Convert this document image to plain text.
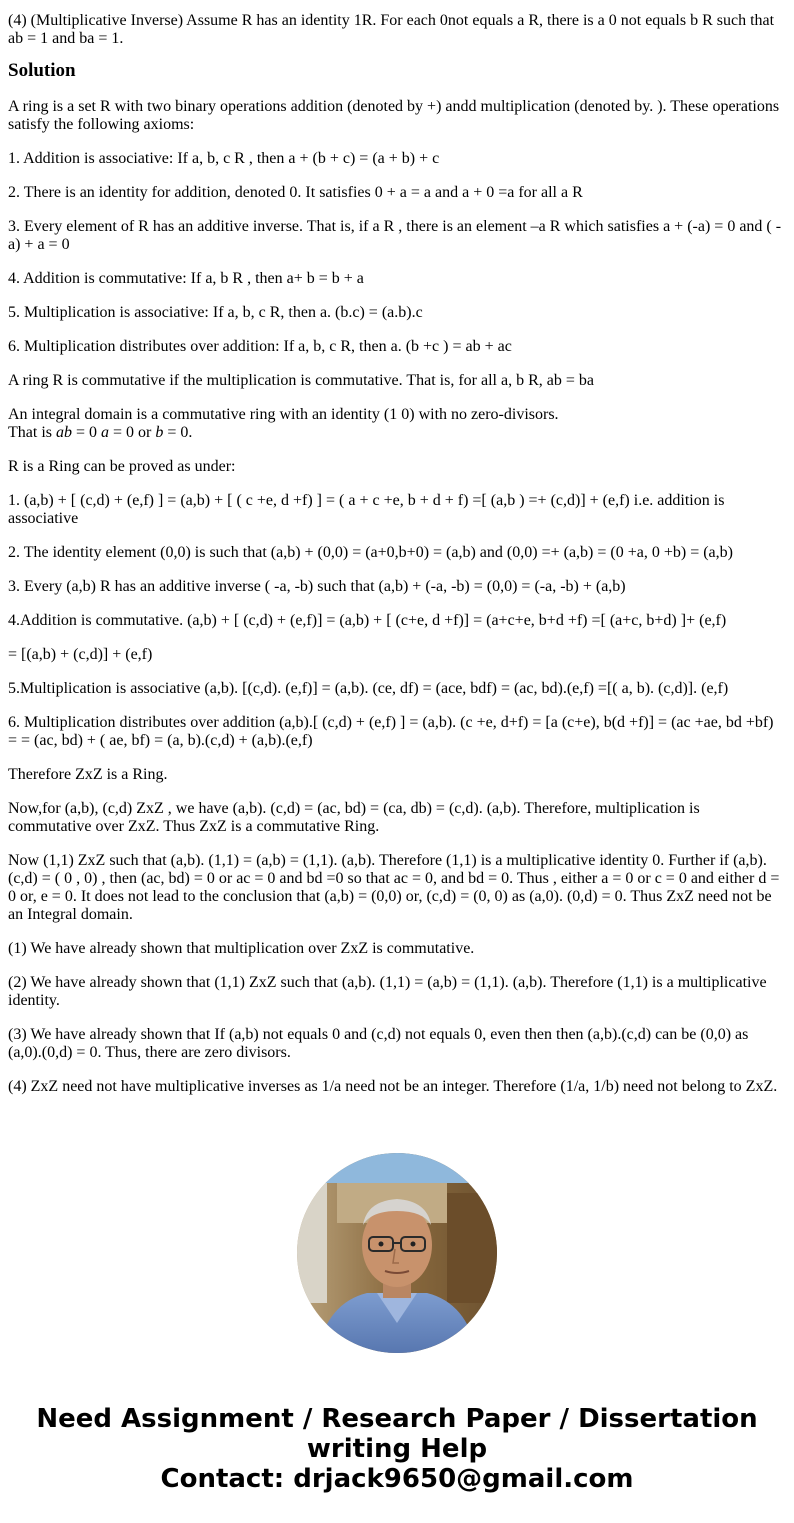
(4) (Multiplicative Inverse) Assume R has an identity 1R. For each 0not equals a R, there is a 0 not equals b R such that ab = 1 and ba = 1.

Solution

A ring is a set R with two binary operations addition (denoted by +) andd multiplication (denoted by. ). These operations satisfy the following axioms:

1. Addition is associative: If a, b, c R , then a + (b + c) = (a + b) + c

2. There is an identity for addition, denoted 0. It satisfies 0 + a = a and a + 0 =a for all a R

3. Every element of R has an additive inverse. That is, if a R , there is an element –a R which satisfies a + (-a) = 0 and ( -a) + a = 0

4. Addition is commutative: If a, b R , then a+ b = b + a

5. Multiplication is associative: If a, b, c R, then a. (b.c) = (a.b).c

6. Multiplication distributes over addition: If a, b, c R, then a. (b +c ) = ab + ac

A ring R is commutative if the multiplication is commutative. That is, for all a, b R, ab = ba

An integral domain is a commutative ring with an identity (1 0) with no zero-divisors.
That is ab = 0 a = 0 or b = 0.

R is a Ring can be proved as under:

1. (a,b) + [ (c,d) + (e,f) ] = (a,b) + [ ( c +e, d +f) ] = ( a + c +e, b + d + f) =[ (a,b ) =+ (c,d)] + (e,f) i.e. addition is associative

2. The identity element (0,0) is such that (a,b) + (0,0) = (a+0,b+0) = (a,b) and (0,0) =+ (a,b) = (0 +a, 0 +b) = (a,b)

3. Every (a,b) R has an additive inverse ( -a, -b) such that (a,b) + (-a, -b) = (0,0) = (-a, -b) + (a,b)

4.Addition is commutative. (a,b) + [ (c,d) + (e,f)] = (a,b) + [ (c+e, d +f)] = (a+c+e, b+d +f) =[ (a+c, b+d) ]+ (e,f)

= [(a,b) + (c,d)] + (e,f)

5.Multiplication is associative (a,b). [(c,d). (e,f)] = (a,b). (ce, df) = (ace, bdf) = (ac, bd).(e,f) =[( a, b). (c,d)]. (e,f)

6. Multiplication distributes over addition (a,b).[ (c,d) + (e,f) ] = (a,b). (c +e, d+f) = [a (c+e), b(d +f)] = (ac +ae, bd +bf) = = (ac, bd) + ( ae, bf) = (a, b).(c,d) + (a,b).(e,f)

Therefore ZxZ is a Ring.

Now,for (a,b), (c,d) ZxZ , we have (a,b). (c,d) = (ac, bd) = (ca, db) = (c,d). (a,b). Therefore, multiplication is commutative over ZxZ. Thus ZxZ is a commutative Ring.

Now (1,1) ZxZ such that (a,b). (1,1) = (a,b) = (1,1). (a,b). Therefore (1,1) is a multiplicative identity 0. Further if (a,b).(c,d) = ( 0 , 0) , then (ac, bd) = 0 or ac = 0 and bd =0 so that ac = 0, and bd = 0. Thus , either a = 0 or c = 0 and either d = 0 or, e = 0. It does not lead to the conclusion that (a,b) = (0,0) or, (c,d) = (0, 0) as (a,0). (0,d) = 0. Thus ZxZ need not be an Integral domain.

(1) We have already shown that multiplication over ZxZ is commutative.

(2) We have already shown that (1,1) ZxZ such that (a,b). (1,1) = (a,b) = (1,1). (a,b). Therefore (1,1) is a multiplicative identity.

(3) We have already shown that If (a,b) not equals 0 and (c,d) not equals 0, even then then (a,b).(c,d) can be (0,0) as (a,0).(0,d) = 0. Thus, there are zero divisors.

(4) ZxZ need not have multiplicative inverses as 1/a need not be an integer. Therefore (1/a, 1/b) need not belong to ZxZ.

Need Assignment / Research Paper / Dissertation writing Help
Contact: drjack9650@gmail.com
